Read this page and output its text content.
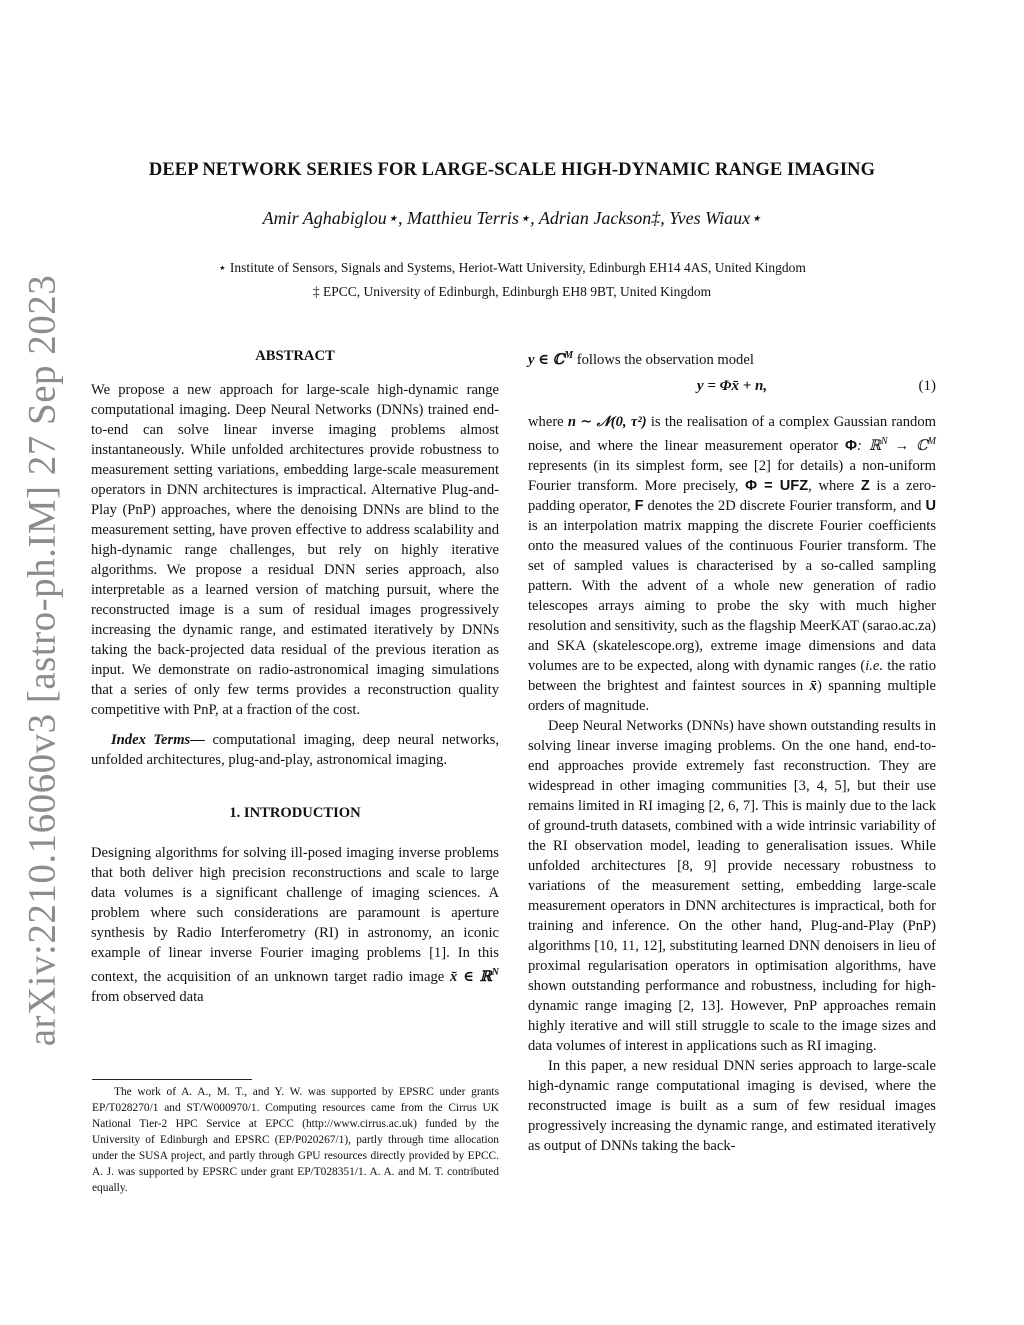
arXiv:2210.16060v3 [astro-ph.IM] 27 Sep 2023
DEEP NETWORK SERIES FOR LARGE-SCALE HIGH-DYNAMIC RANGE IMAGING
Amir Aghabiglou⋆, Matthieu Terris⋆, Adrian Jackson‡, Yves Wiaux⋆
⋆ Institute of Sensors, Signals and Systems, Heriot-Watt University, Edinburgh EH14 4AS, United Kingdom
‡ EPCC, University of Edinburgh, Edinburgh EH8 9BT, United Kingdom
ABSTRACT

We propose a new approach for large-scale high-dynamic range computational imaging. Deep Neural Networks (DNNs) trained end-to-end can solve linear inverse imaging problems almost instantaneously. While unfolded architectures provide robustness to measurement setting variations, embedding large-scale measurement operators in DNN architectures is impractical. Alternative Plug-and-Play (PnP) approaches, where the denoising DNNs are blind to the measurement setting, have proven effective to address scalability and high-dynamic range challenges, but rely on highly iterative algorithms. We propose a residual DNN series approach, also interpretable as a learned version of matching pursuit, where the reconstructed image is a sum of residual images progressively increasing the dynamic range, and estimated iteratively by DNNs taking the back-projected data residual of the previous iteration as input. We demonstrate on radio-astronomical imaging simulations that a series of only few terms provides a reconstruction quality competitive with PnP, at a fraction of the cost.

Index Terms— computational imaging, deep neural networks, unfolded architectures, plug-and-play, astronomical imaging.

1. INTRODUCTION

Designing algorithms for solving ill-posed imaging inverse problems that both deliver high precision reconstructions and scale to large data volumes is a significant challenge of imaging sciences. A problem where such considerations are paramount is aperture synthesis by Radio Interferometry (RI) in astronomy, an iconic example of linear inverse Fourier imaging problems [1]. In this context, the acquisition of an unknown target radio image x̄ ∈ ℝ$^N$ from observed data

The work of A. A., M. T., and Y. W. was supported by EPSRC under grants EP/T028270/1 and ST/W000970/1. Computing resources came from the Cirrus UK National Tier-2 HPC Service at EPCC (http://www.cirrus.ac.uk) funded by the University of Edinburgh and EPSRC (EP/P020267/1), partly through time allocation under the SUSA project, and partly through GPU resources directly provided by EPCC. A. J. was supported by EPSRC under grant EP/T028351/1. A. A. and M. T. contributed equally.

y ∈ ℂ$^M$ follows the observation model

y = Φx̄ + n,	(1)

where n ∼ 𝒩(0, τ²) is the realisation of a complex Gaussian random noise, and where the linear measurement operator Φ: ℝ$^N$ → ℂ$^M$ represents (in its simplest form, see [2] for details) a non-uniform Fourier transform. More precisely, Φ = UFZ, where Z is a zero-padding operator, F denotes the 2D discrete Fourier transform, and U is an interpolation matrix mapping the discrete Fourier coefficients onto the measured values of the continuous Fourier transform. The set of sampled values is characterised by a so-called sampling pattern. With the advent of a whole new generation of radio telescopes arrays aiming to probe the sky with much higher resolution and sensitivity, such as the flagship MeerKAT (sarao.ac.za) and SKA (skatelescope.org), extreme image dimensions and data volumes are to be expected, along with dynamic ranges (i.e. the ratio between the brightest and faintest sources in x̄) spanning multiple orders of magnitude.

Deep Neural Networks (DNNs) have shown outstanding results in solving linear inverse imaging problems. On the one hand, end-to-end approaches provide extremely fast reconstruction. They are widespread in other imaging communities [3, 4, 5], but their use remains limited in RI imaging [2, 6, 7]. This is mainly due to the lack of ground-truth datasets, combined with a wide intrinsic variability of the RI observation model, leading to generalisation issues. While unfolded architectures [8, 9] provide necessary robustness to variations of the measurement setting, embedding large-scale measurement operators in DNN architectures is impractical, both for training and inference. On the other hand, Plug-and-Play (PnP) algorithms [10, 11, 12], substituting learned DNN denoisers in lieu of proximal regularisation operators in optimisation algorithms, have shown outstanding performance and robustness, including for high-dynamic range imaging [2, 13]. However, PnP approaches remain highly iterative and will still struggle to scale to the image sizes and data volumes of interest in applications such as RI imaging.

In this paper, a new residual DNN series approach to large-scale high-dynamic range computational imaging is devised, where the reconstructed image is built as a sum of few residual images progressively increasing the dynamic range, and estimated iteratively as output of DNNs taking the back-
